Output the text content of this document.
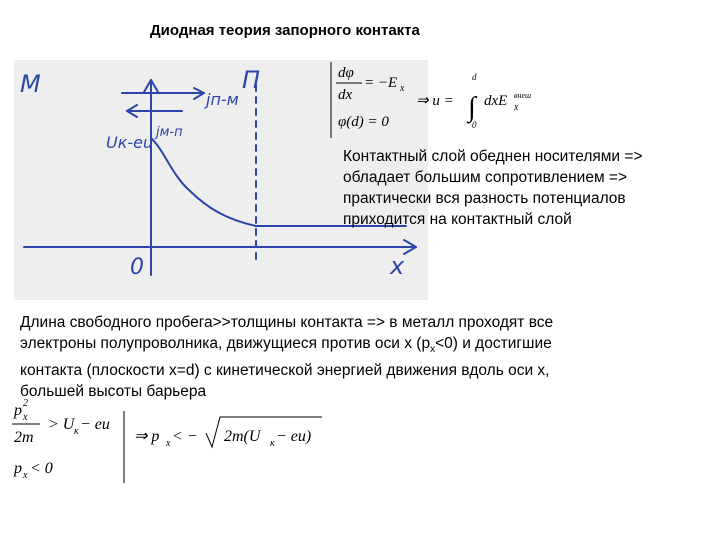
Диодная теория запорного контакта
М	П
jп-м
jм-п
Uк-eu
0	x
dφ
dx
= −E x
φ(d) = 0
⇒ u =
d
∫
0
dxE x
внеш
Контактный слой обеднен носителями =>
обладает большим сопротивлением =>
практически вся разность потенциалов
приходится на контактный слой
Длина свободного пробега>>толщины контакта => в металл проходят все
электроны полупроволника, движущиеся против оси x $(p_x<0)$ и достигшие
контакта (плоскости x=d) с кинетической энергией движения вдоль оси x,
большей высоты барьера
p 2
x
2m
> U к − eu
p x < 0
⇒ p x < − 2m(U к − eu)
